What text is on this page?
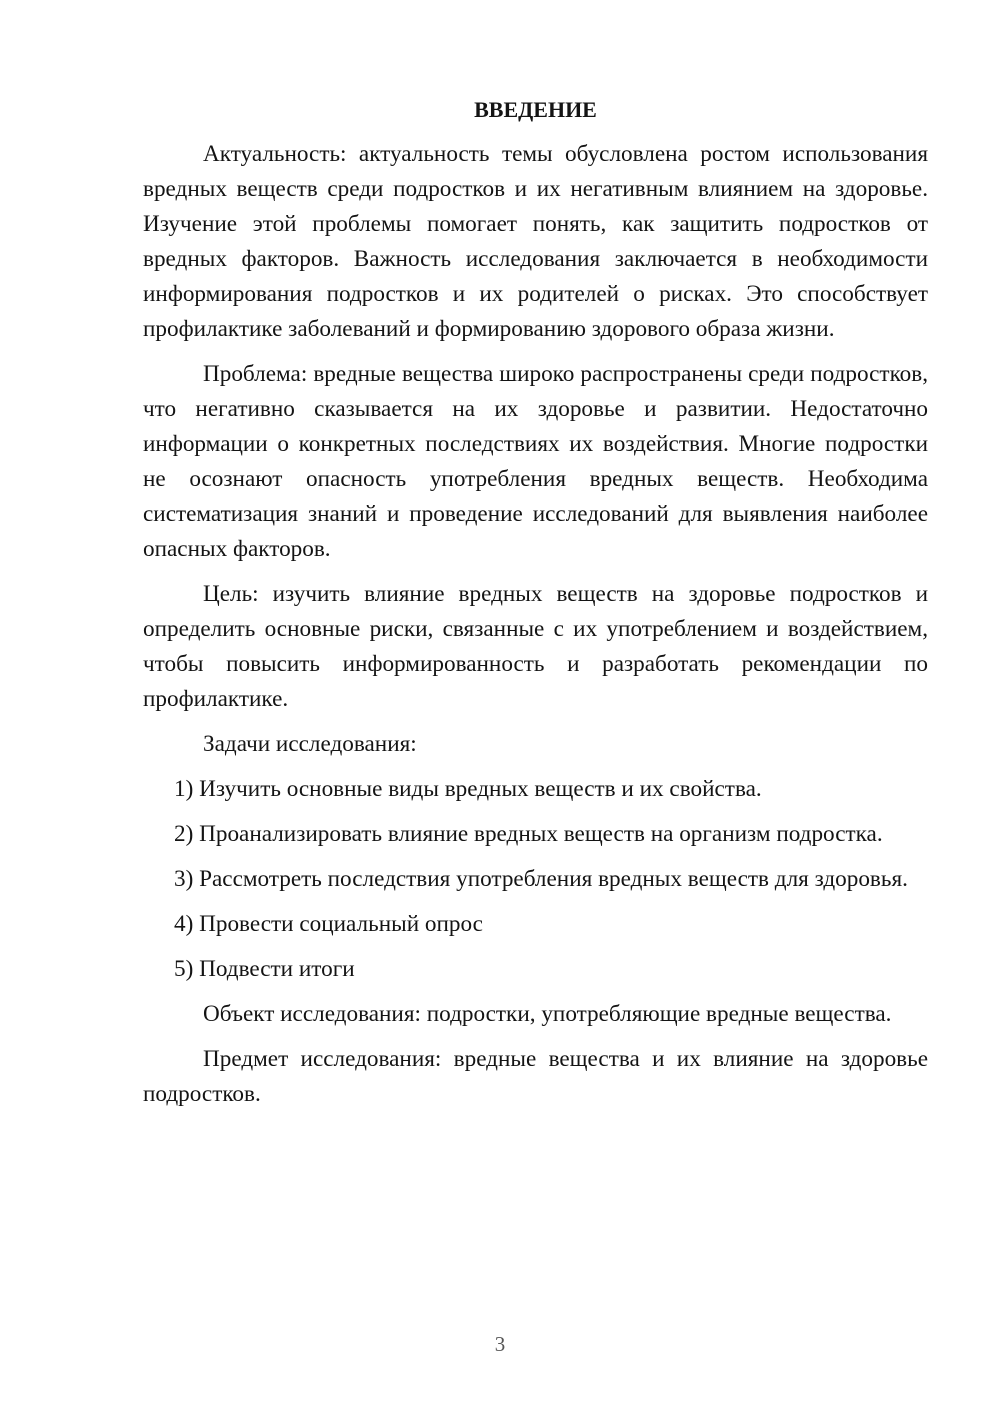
ВВЕДЕНИЕ

Актуальность: актуальность темы обусловлена ростом использования вредных веществ среди подростков и их негативным влиянием на здоровье. Изучение этой проблемы помогает понять, как защитить подростков от вредных факторов. Важность исследования заключается в необходимости информирования подростков и их родителей о рисках. Это способствует профилактике заболеваний и формированию здорового образа жизни.

Проблема: вредные вещества широко распространены среди подростков, что негативно сказывается на их здоровье и развитии. Недостаточно информации о конкретных последствиях их воздействия. Многие подростки не осознают опасность употребления вредных веществ. Необходима систематизация знаний и проведение исследований для выявления наиболее опасных факторов.

Цель: изучить влияние вредных веществ на здоровье подростков и определить основные риски, связанные с их употреблением и воздействием, чтобы повысить информированность и разработать рекомендации по профилактике.

Задачи исследования:

1) Изучить основные виды вредных веществ и их свойства.

2) Проанализировать влияние вредных веществ на организм подростка.

3) Рассмотреть последствия употребления вредных веществ для здоровья.

4) Провести социальный опрос

5) Подвести итоги

Объект исследования: подростки, употребляющие вредные вещества.

Предмет исследования: вредные вещества и их влияние на здоровье подростков.

3
